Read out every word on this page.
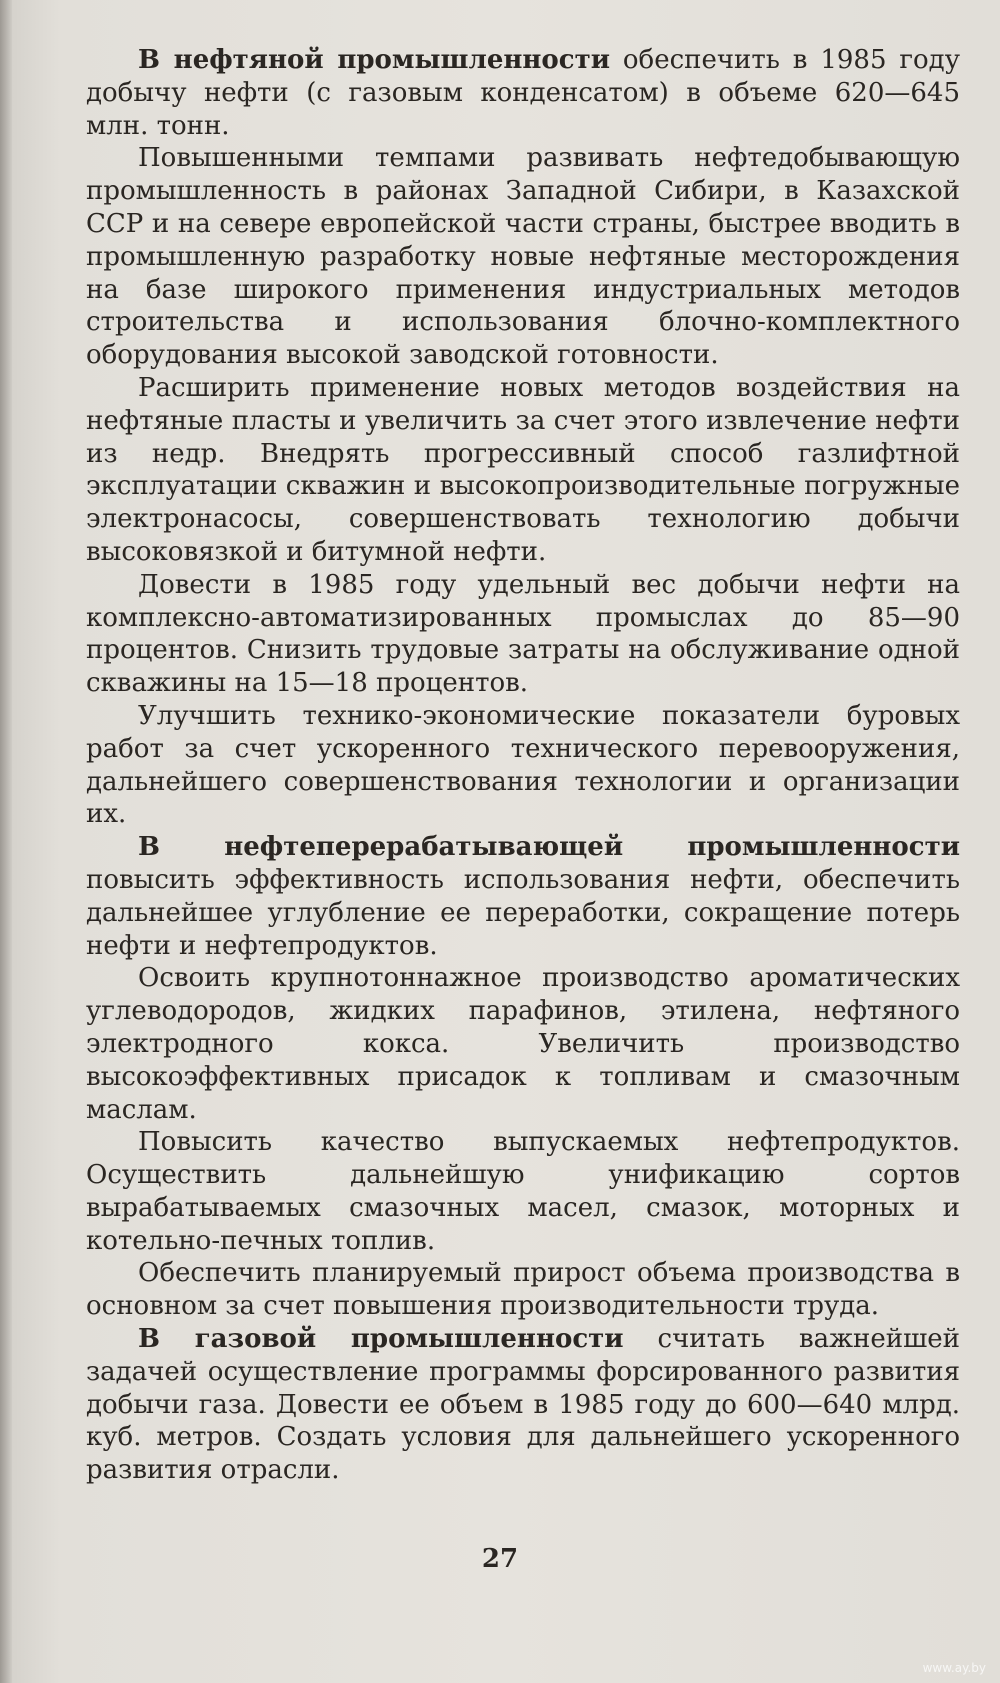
В нефтяной промышленности обеспечить в 1985 году добычу нефти (с газовым конденсатом) в объеме 620—645 млн. тонн.

Повышенными темпами развивать нефтедобывающую промышленность в районах Западной Сибири, в Казахской ССР и на севере европейской части страны, быстрее вводить в промышленную разработку новые нефтяные месторождения на базе широкого применения индустриальных методов строительства и использования блочно-комплектного оборудования высокой заводской готовности.

Расширить применение новых методов воздействия на нефтяные пласты и увеличить за счет этого извлечение нефти из недр. Внедрять прогрессивный способ газлифтной эксплуатации скважин и высокопроизводительные погружные электронасосы, совершенствовать технологию добычи высоковязкой и битумной нефти.

Довести в 1985 году удельный вес добычи нефти на комплексно-автоматизированных промыслах до 85—90 процентов. Снизить трудовые затраты на обслуживание одной скважины на 15—18 процентов.

Улучшить технико-экономические показатели буровых работ за счет ускоренного технического перевооружения, дальнейшего совершенствования технологии и организации их.

В нефтеперерабатывающей промышленности повысить эффективность использования нефти, обеспечить дальнейшее углубление ее переработки, сокращение потерь нефти и нефтепродуктов.

Освоить крупнотоннажное производство ароматических углеводородов, жидких парафинов, этилена, нефтяного электродного кокса. Увеличить производство высокоэффективных присадок к топливам и смазочным маслам.

Повысить качество выпускаемых нефтепродуктов. Осуществить дальнейшую унификацию сортов вырабатываемых смазочных масел, смазок, моторных и котельно-печных топлив.

Обеспечить планируемый прирост объема производства в основном за счет повышения производительности труда.

В газовой промышленности считать важнейшей задачей осуществление программы форсированного развития добычи газа. Довести ее объем в 1985 году до 600—640 млрд. куб. метров. Создать условия для дальнейшего ускоренного развития отрасли.

27
www.ay.by
